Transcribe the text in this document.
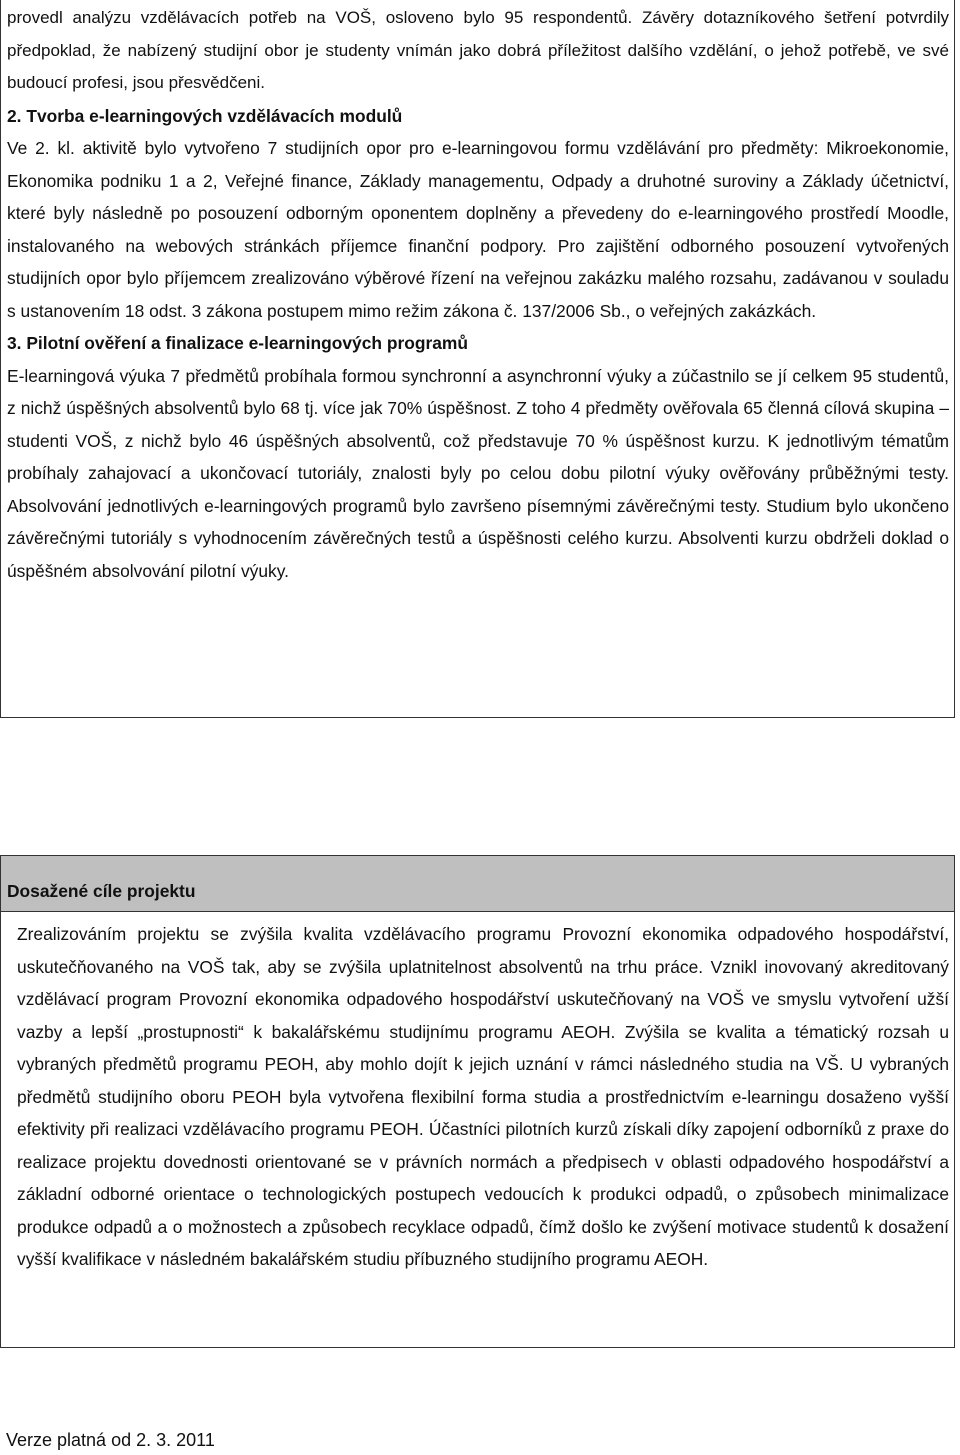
provedl analýzu vzdělávacích potřeb na VOŠ, osloveno bylo 95 respondentů. Závěry dotazníkového šetření potvrdily předpoklad, že nabízený studijní obor je studenty vnímán jako dobrá příležitost dalšího vzdělání, o jehož potřebě, ve své budoucí profesi, jsou přesvědčeni.

2. Tvorba e-learningových vzdělávacích modulů

Ve 2. kl. aktivitě bylo vytvořeno 7 studijních opor pro e-learningovou formu vzdělávání pro předměty: Mikroekonomie, Ekonomika podniku 1 a 2, Veřejné finance, Základy managementu, Odpady a druhotné suroviny a Základy účetnictví, které byly následně po posouzení odborným oponentem doplněny a převedeny do e-learningového prostředí Moodle, instalovaného na webových stránkách příjemce finanční podpory. Pro zajištění odborného posouzení vytvořených studijních opor bylo příjemcem zrealizováno výběrové řízení na veřejnou zakázku malého rozsahu, zadávanou v souladu s ustanovením 18 odst. 3 zákona postupem mimo režim zákona č. 137/2006 Sb., o veřejných zakázkách.

3. Pilotní ověření a finalizace e-learningových programů

E-learningová výuka 7 předmětů probíhala formou synchronní a asynchronní výuky a zúčastnilo se jí celkem 95 studentů, z nichž úspěšných absolventů bylo 68 tj. více jak 70% úspěšnost. Z toho 4 předměty ověřovala 65 členná cílová skupina – studenti VOŠ, z nichž bylo 46 úspěšných absolventů, což představuje 70 % úspěšnost kurzu. K jednotlivým tématům probíhaly zahajovací a ukončovací tutoriály, znalosti byly po celou dobu pilotní výuky ověřovány průběžnými testy. Absolvování jednotlivých e-learningových programů bylo završeno písemnými závěrečnými testy. Studium bylo ukončeno závěrečnými tutoriály s vyhodnocením závěrečných testů a úspěšnosti celého kurzu. Absolventi kurzu obdrželi doklad o úspěšném absolvování pilotní výuky.

Dosažené cíle projektu

Zrealizováním projektu se zvýšila kvalita vzdělávacího programu Provozní ekonomika odpadového hospodářství, uskutečňovaného na VOŠ tak, aby se zvýšila uplatnitelnost absolventů na trhu práce. Vznikl inovovaný akreditovaný vzdělávací program Provozní ekonomika odpadového hospodářství uskutečňovaný na VOŠ ve smyslu vytvoření užší vazby a lepší „prostupnosti“ k bakalářskému studijnímu programu AEOH. Zvýšila se kvalita a tématický rozsah u vybraných předmětů programu PEOH, aby mohlo dojít k jejich uznání v rámci následného studia na VŠ. U vybraných předmětů studijního oboru PEOH byla vytvořena flexibilní forma studia a prostřednictvím e-learningu dosaženo vyšší efektivity při realizaci vzdělávacího programu PEOH. Účastníci pilotních kurzů získali díky zapojení odborníků z praxe do realizace projektu dovednosti orientované se v právních normách a předpisech v oblasti odpadového hospodářství a základní odborné orientace o technologických postupech vedoucích k produkci odpadů, o způsobech minimalizace produkce odpadů a o možnostech a způsobech recyklace odpadů, čímž došlo ke zvýšení motivace studentů k dosažení vyšší kvalifikace v následném bakalářském studiu příbuzného studijního programu AEOH.

Verze platná od 2. 3. 2011
